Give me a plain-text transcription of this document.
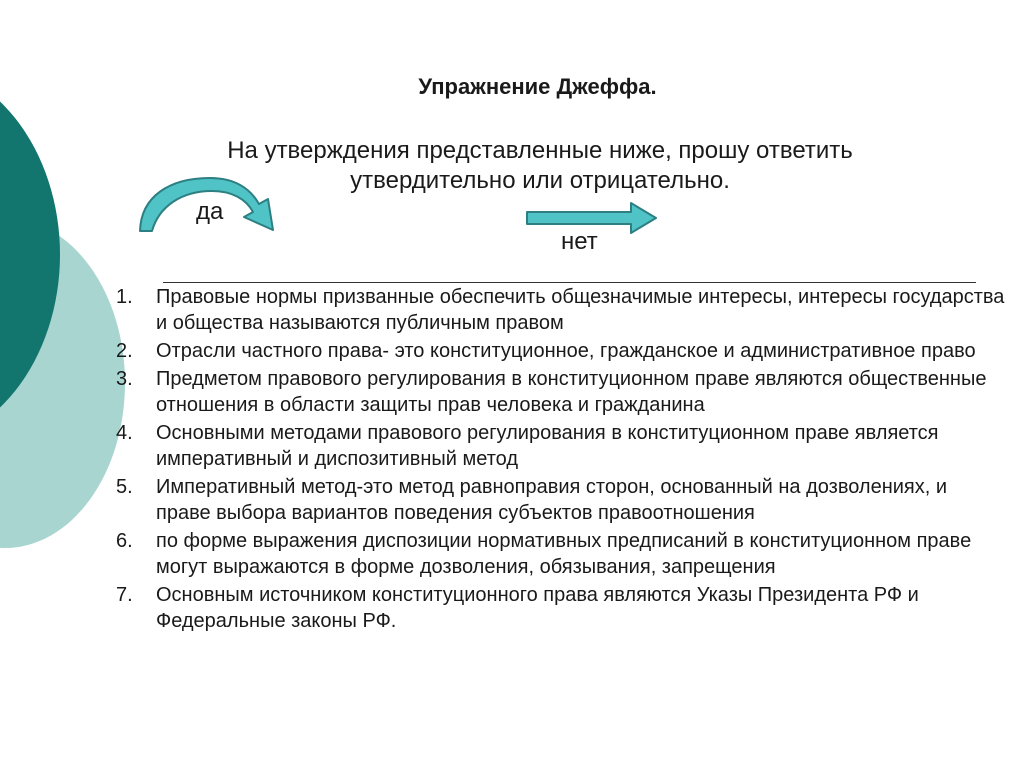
Упражнение Джеффа.
На утверждения представленные ниже, прошу ответить утвердительно или отрицательно.
да
нет
1.	Правовые нормы призванные обеспечить общезначимые интересы, интересы государства и общества называются публичным правом
2.	Отрасли частного права- это конституционное, гражданское и административное право
3.	Предметом правового регулирования в конституционном праве являются общественные отношения в области защиты прав человека и гражданина
4.	Основными методами правового регулирования в конституционном праве является императивный и диспозитивный метод
5.	Императивный метод-это метод равноправия сторон, основанный на дозволениях, и праве выбора вариантов поведения субъектов правоотношения
6.	по форме выражения диспозиции нормативных предписаний в конституционном праве могут выражаются в форме дозволения, обязывания, запрещения
7.	Основным источником конституционного права являются Указы Президента РФ и Федеральные законы РФ.
